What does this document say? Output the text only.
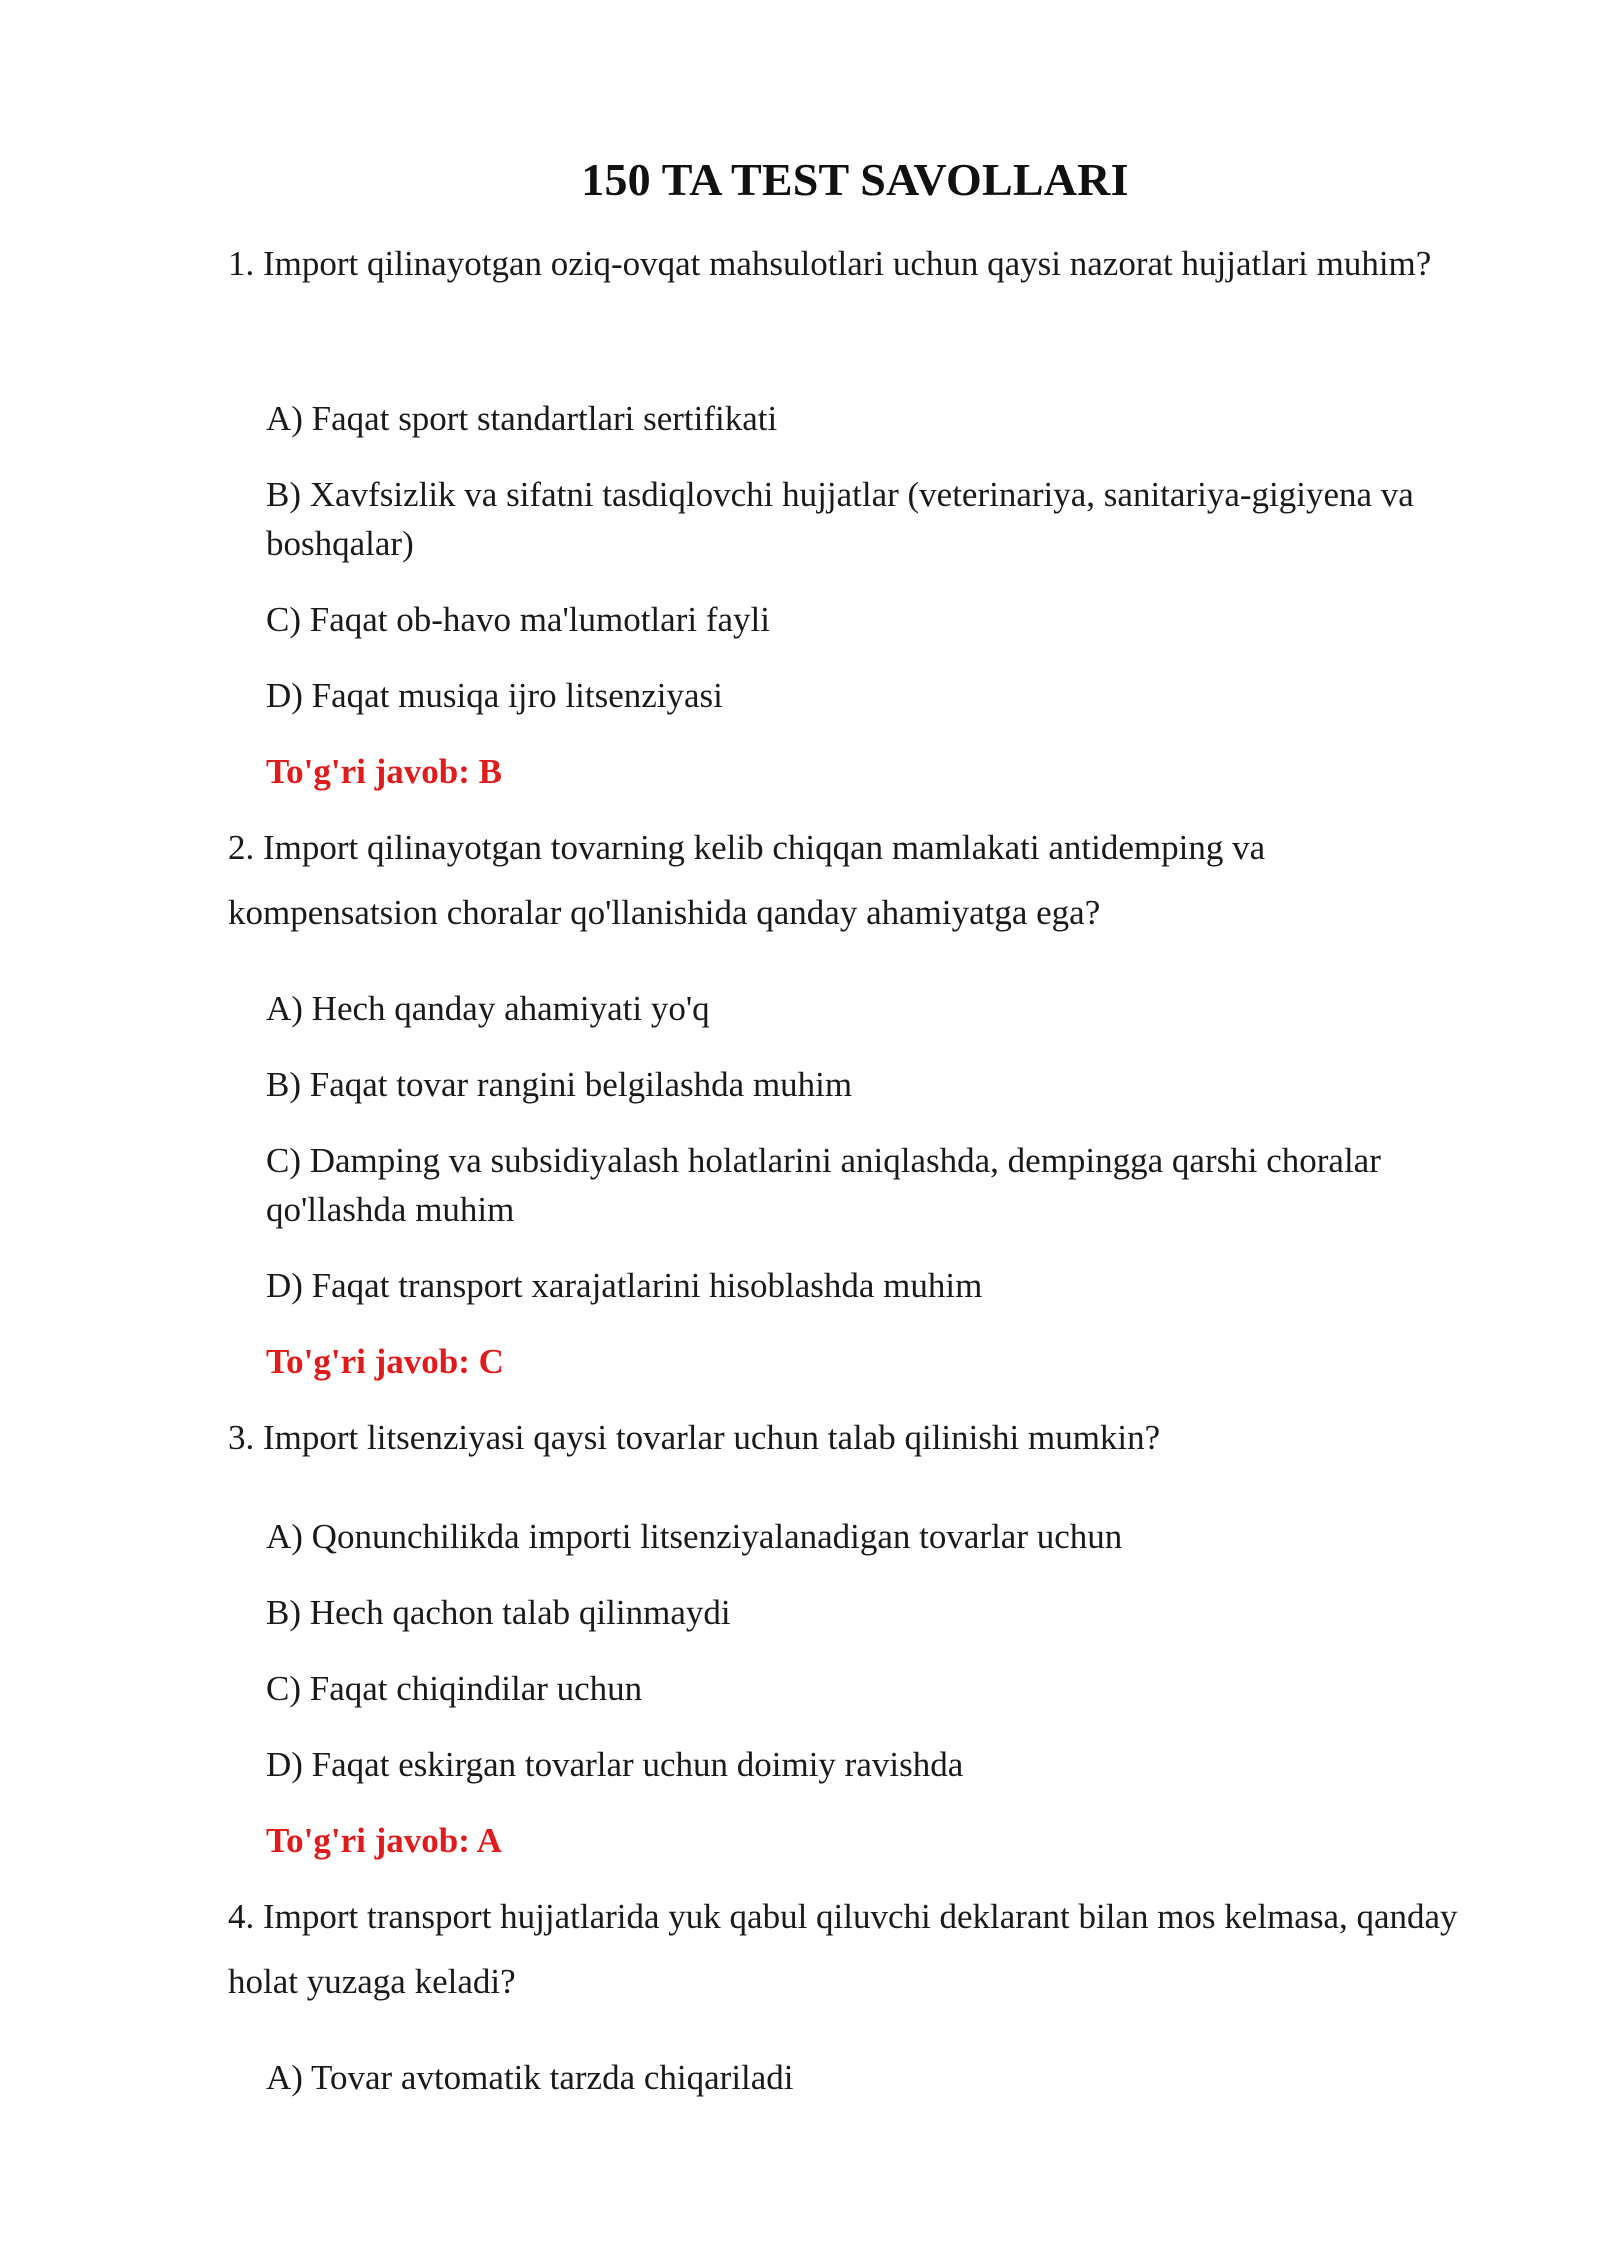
150 TA TEST SAVOLLARI
1. Import qilinayotgan oziq-ovqat mahsulotlari uchun qaysi nazorat hujjatlari muhim?
A) Faqat sport standartlari sertifikati
B) Xavfsizlik va sifatni tasdiqlovchi hujjatlar (veterinariya, sanitariya-gigiyena va boshqalar)
C) Faqat ob-havo ma'lumotlari fayli
D) Faqat musiqa ijro litsenziyasi
To'g'ri javob: B
2. Import qilinayotgan tovarning kelib chiqqan mamlakati antidemping va kompensatsion choralar qo'llanishida qanday ahamiyatga ega?
A) Hech qanday ahamiyati yo'q
B) Faqat tovar rangini belgilashda muhim
C) Damping va subsidiyalash holatlarini aniqlashda, dempingga qarshi choralar qo'llashda muhim
D) Faqat transport xarajatlarini hisoblashda muhim
To'g'ri javob: C
3. Import litsenziyasi qaysi tovarlar uchun talab qilinishi mumkin?
A) Qonunchilikda importi litsenziyalanadigan tovarlar uchun
B) Hech qachon talab qilinmaydi
C) Faqat chiqindilar uchun
D) Faqat eskirgan tovarlar uchun doimiy ravishda
To'g'ri javob: A
4. Import transport hujjatlarida yuk qabul qiluvchi deklarant bilan mos kelmasa, qanday holat yuzaga keladi?
A) Tovar avtomatik tarzda chiqariladi
